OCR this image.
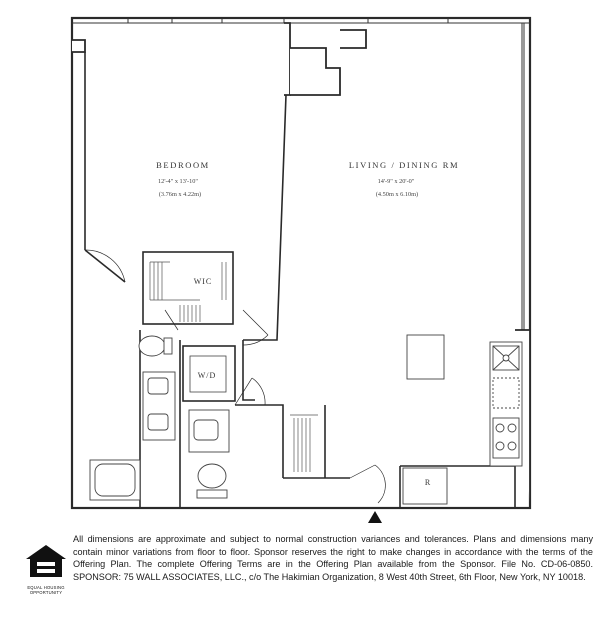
BEDROOM
12'-4" x 13'-10"
(3.76m x 4.22m)
LIVING / DINING RM
14'-9" x 20'-0"
(4.50m x 6.10m)
WIC
W/D
R
EQUAL HOUSING
OPPORTUNITY
All dimensions are approximate and subject to normal construction variances and tolerances. Plans and dimensions many contain minor variations from floor to floor. Sponsor reserves the right to make changes in accordance with the terms of the Offering Plan. The complete Offering Terms are in the Offering Plan available from the Sponsor. File No. CD-06-0850. SPONSOR: 75 WALL ASSOCIATES, LLC., c/o The Hakimian Organization, 8 West 40th Street, 6th Floor, New York, NY 10018.
